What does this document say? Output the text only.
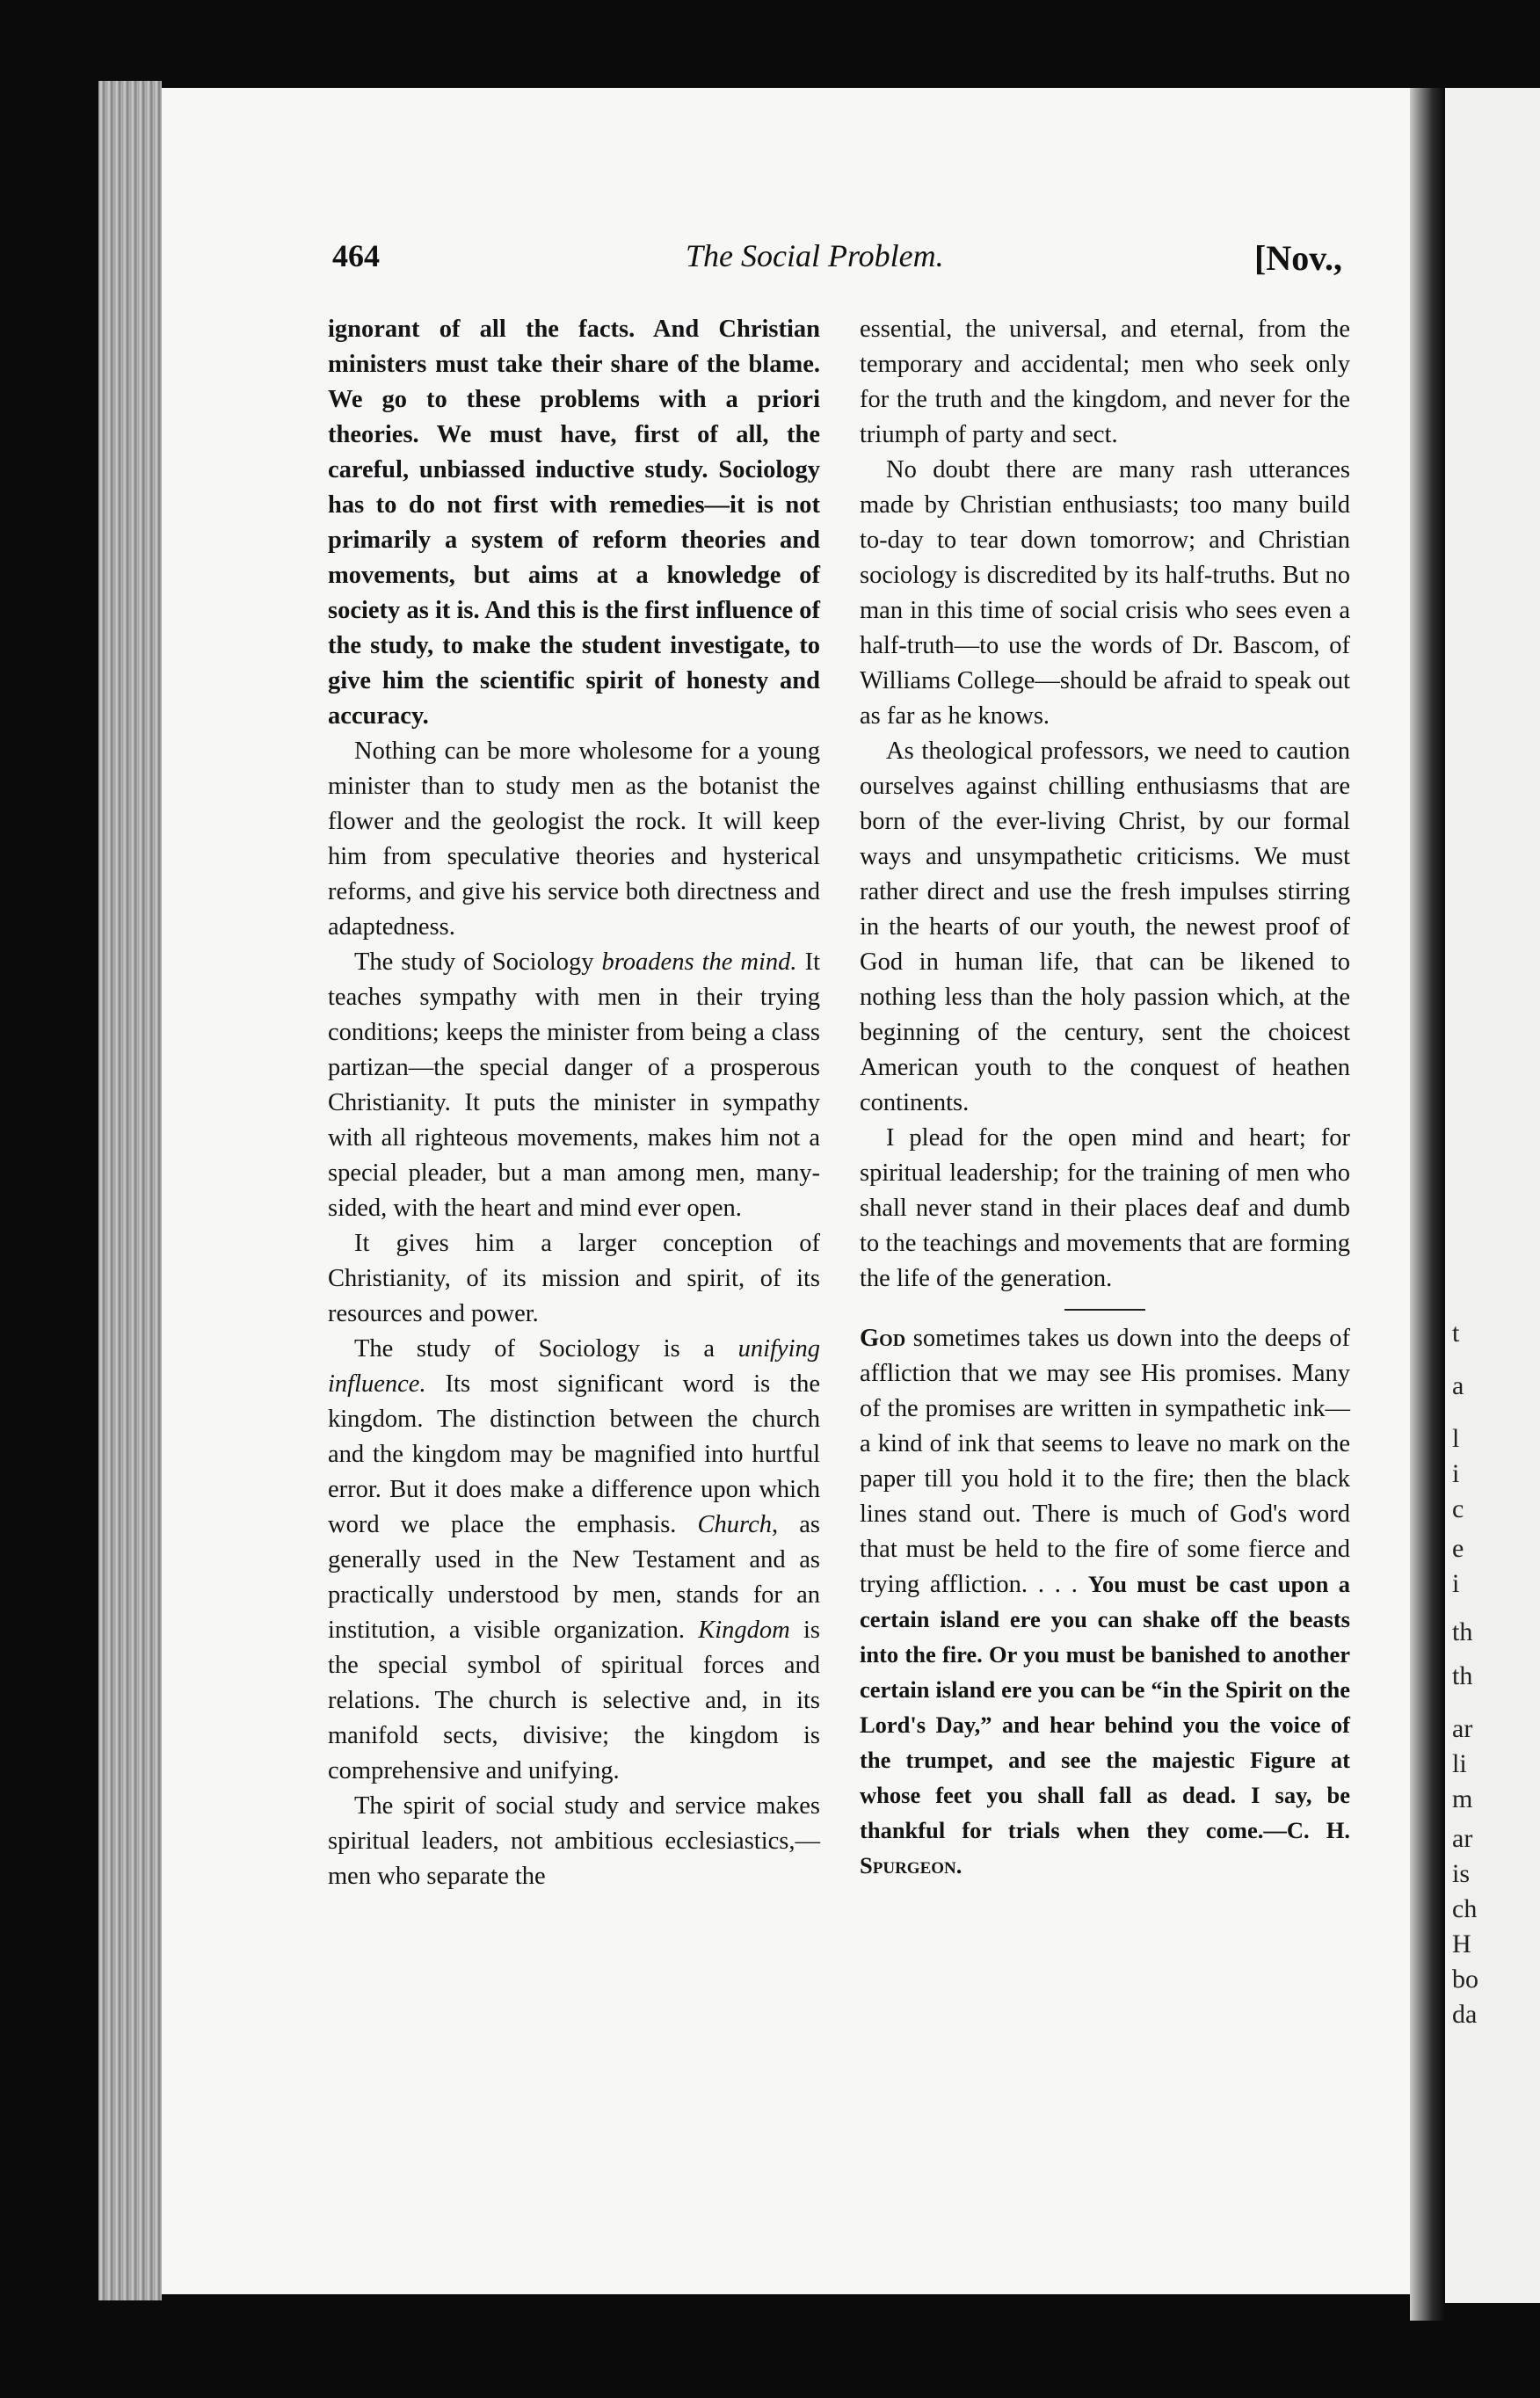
t
a
l
i
c
e
i
th
th
ar
li
m
ar
is
ch
H
bo
da
464	The Social Problem.	[Nov.,

ignorant of all the facts. And Christian ministers must take their share of the blame. We go to these problems with a priori theories. We must have, first of all, the careful, unbiassed inductive study. Sociology has to do not first with remedies—it is not primarily a system of reform theories and movements, but aims at a knowledge of society as it is. And this is the first influence of the study, to make the student investigate, to give him the scientific spirit of honesty and accuracy.

Nothing can be more wholesome for a young minister than to study men as the botanist the flower and the geologist the rock. It will keep him from speculative theories and hysterical reforms, and give his service both directness and adaptedness.

The study of Sociology broadens the mind. It teaches sympathy with men in their trying conditions; keeps the minister from being a class partizan—the special danger of a prosperous Christianity. It puts the minister in sympathy with all righteous movements, makes him not a special pleader, but a man among men, many-sided, with the heart and mind ever open.

It gives him a larger conception of Christianity, of its mission and spirit, of its resources and power.

The study of Sociology is a unifying influence. Its most significant word is the kingdom. The distinction between the church and the kingdom may be magnified into hurtful error. But it does make a difference upon which word we place the emphasis. Church, as generally used in the New Testament and as practically understood by men, stands for an institution, a visible organization. Kingdom is the special symbol of spiritual forces and relations. The church is selective and, in its manifold sects, divisive; the kingdom is comprehensive and unifying.

The spirit of social study and service makes spiritual leaders, not ambitious ecclesiastics,—men who separate the

essential, the universal, and eternal, from the temporary and accidental; men who seek only for the truth and the kingdom, and never for the triumph of party and sect.

No doubt there are many rash utterances made by Christian enthusiasts; too many build to-day to tear down tomorrow; and Christian sociology is discredited by its half-truths. But no man in this time of social crisis who sees even a half-truth—to use the words of Dr. Bascom, of Williams College—should be afraid to speak out as far as he knows.

As theological professors, we need to caution ourselves against chilling enthusiasms that are born of the ever-living Christ, by our formal ways and unsympathetic criticisms. We must rather direct and use the fresh impulses stirring in the hearts of our youth, the newest proof of God in human life, that can be likened to nothing less than the holy passion which, at the beginning of the century, sent the choicest American youth to the conquest of heathen continents.

I plead for the open mind and heart; for spiritual leadership; for the training of men who shall never stand in their places deaf and dumb to the teachings and movements that are forming the life of the generation.

God sometimes takes us down into the deeps of affliction that we may see His promises. Many of the promises are written in sympathetic ink—a kind of ink that seems to leave no mark on the paper till you hold it to the fire; then the black lines stand out. There is much of God's word that must be held to the fire of some fierce and trying affliction. . . . You must be cast upon a certain island ere you can shake off the beasts into the fire. Or you must be banished to another certain island ere you can be “in the Spirit on the Lord's Day,” and hear behind you the voice of the trumpet, and see the majestic Figure at whose feet you shall fall as dead. I say, be thankful for trials when they come.—C. H. Spurgeon.
